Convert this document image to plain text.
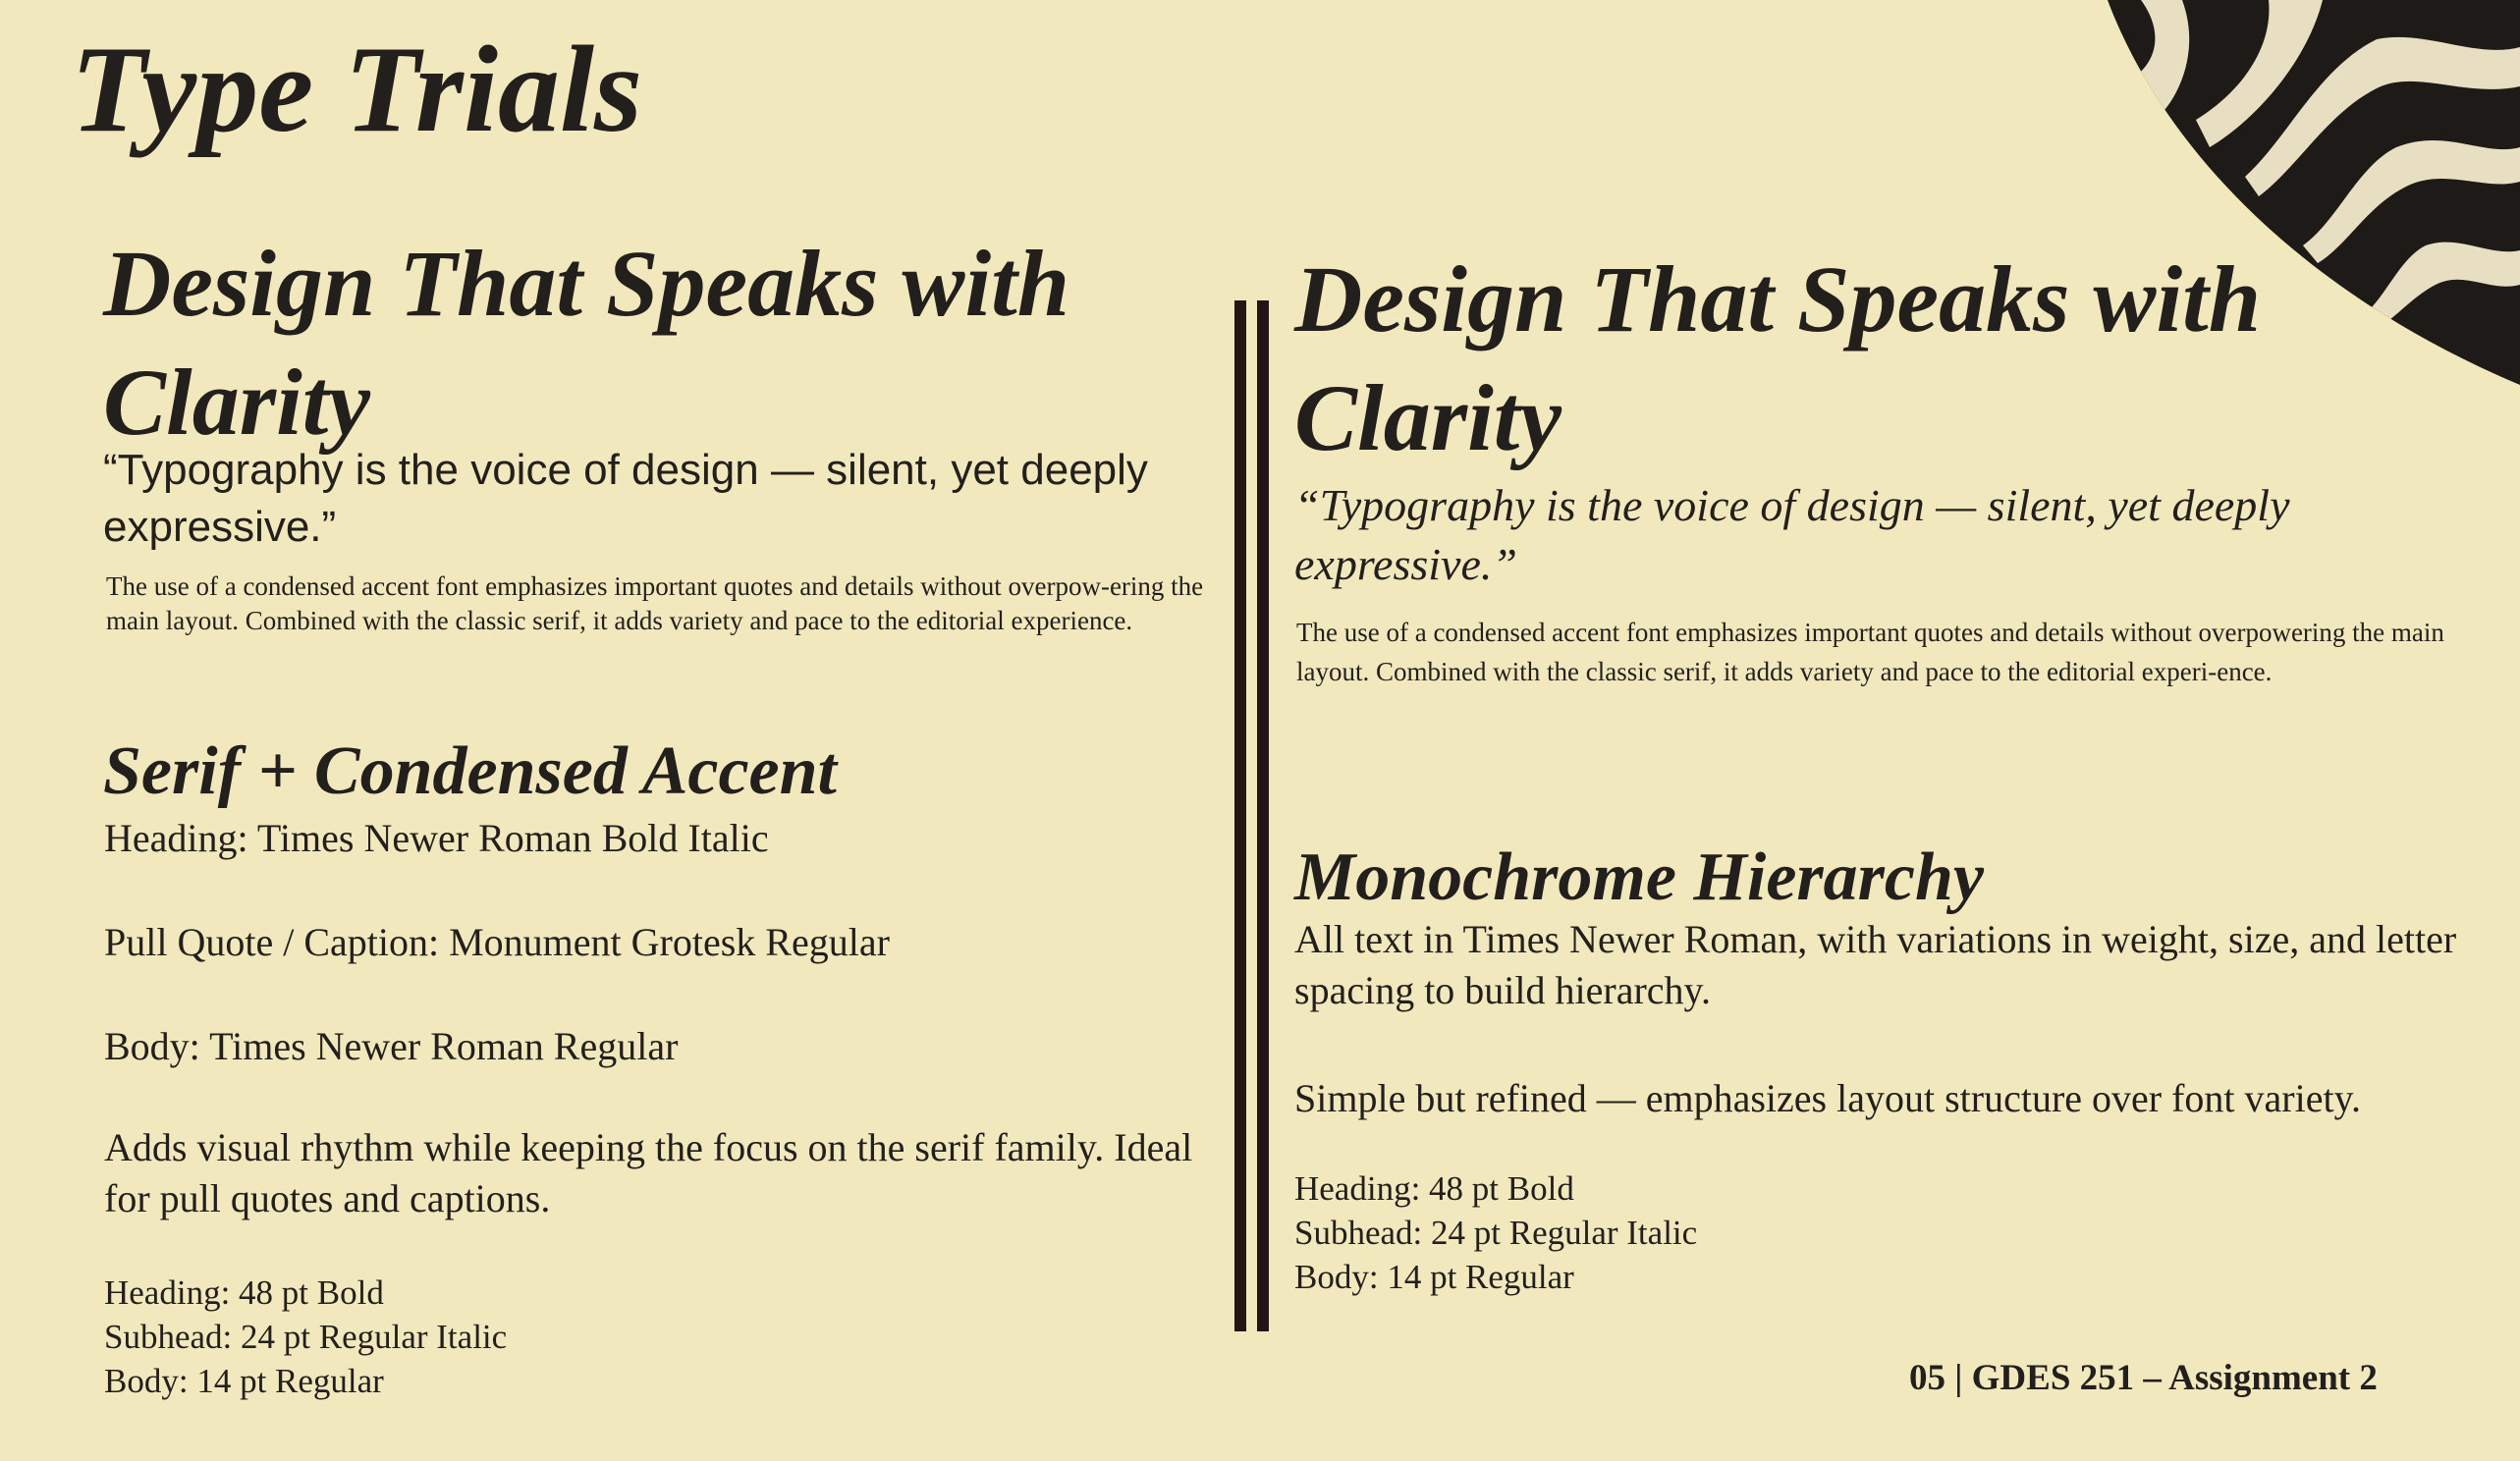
Type Trials
Design That Speaks with Clarity

“Typography is the voice of design — silent, yet deeply expressive.”

The use of a condensed accent font emphasizes important quotes and details without overpow-ering the main layout. Combined with the classic serif, it adds variety and pace to the editorial experience.

Serif + Condensed Accent
Heading: Times Newer Roman Bold Italic
Pull Quote / Caption: Monument Grotesk Regular
Body: Times Newer Roman Regular

Adds visual rhythm while keeping the focus on the serif family. Ideal for pull quotes and captions.

Heading: 48 pt Bold
Subhead: 24 pt Regular Italic
Body: 14 pt Regular
Design That Speaks with Clarity

“Typography is the voice of design — silent, yet deeply expressive.”

The use of a condensed accent font emphasizes important quotes and details without overpowering the main layout. Combined with the classic serif, it adds variety and pace to the editorial experi-ence.

Monochrome Hierarchy

All text in Times Newer Roman, with variations in weight, size, and letter spacing to build hierarchy.

Simple but refined — emphasizes layout structure over font variety.

Heading: 48 pt Bold
Subhead: 24 pt Regular Italic
Body: 14 pt Regular
05 | GDES 251 – Assignment 2
